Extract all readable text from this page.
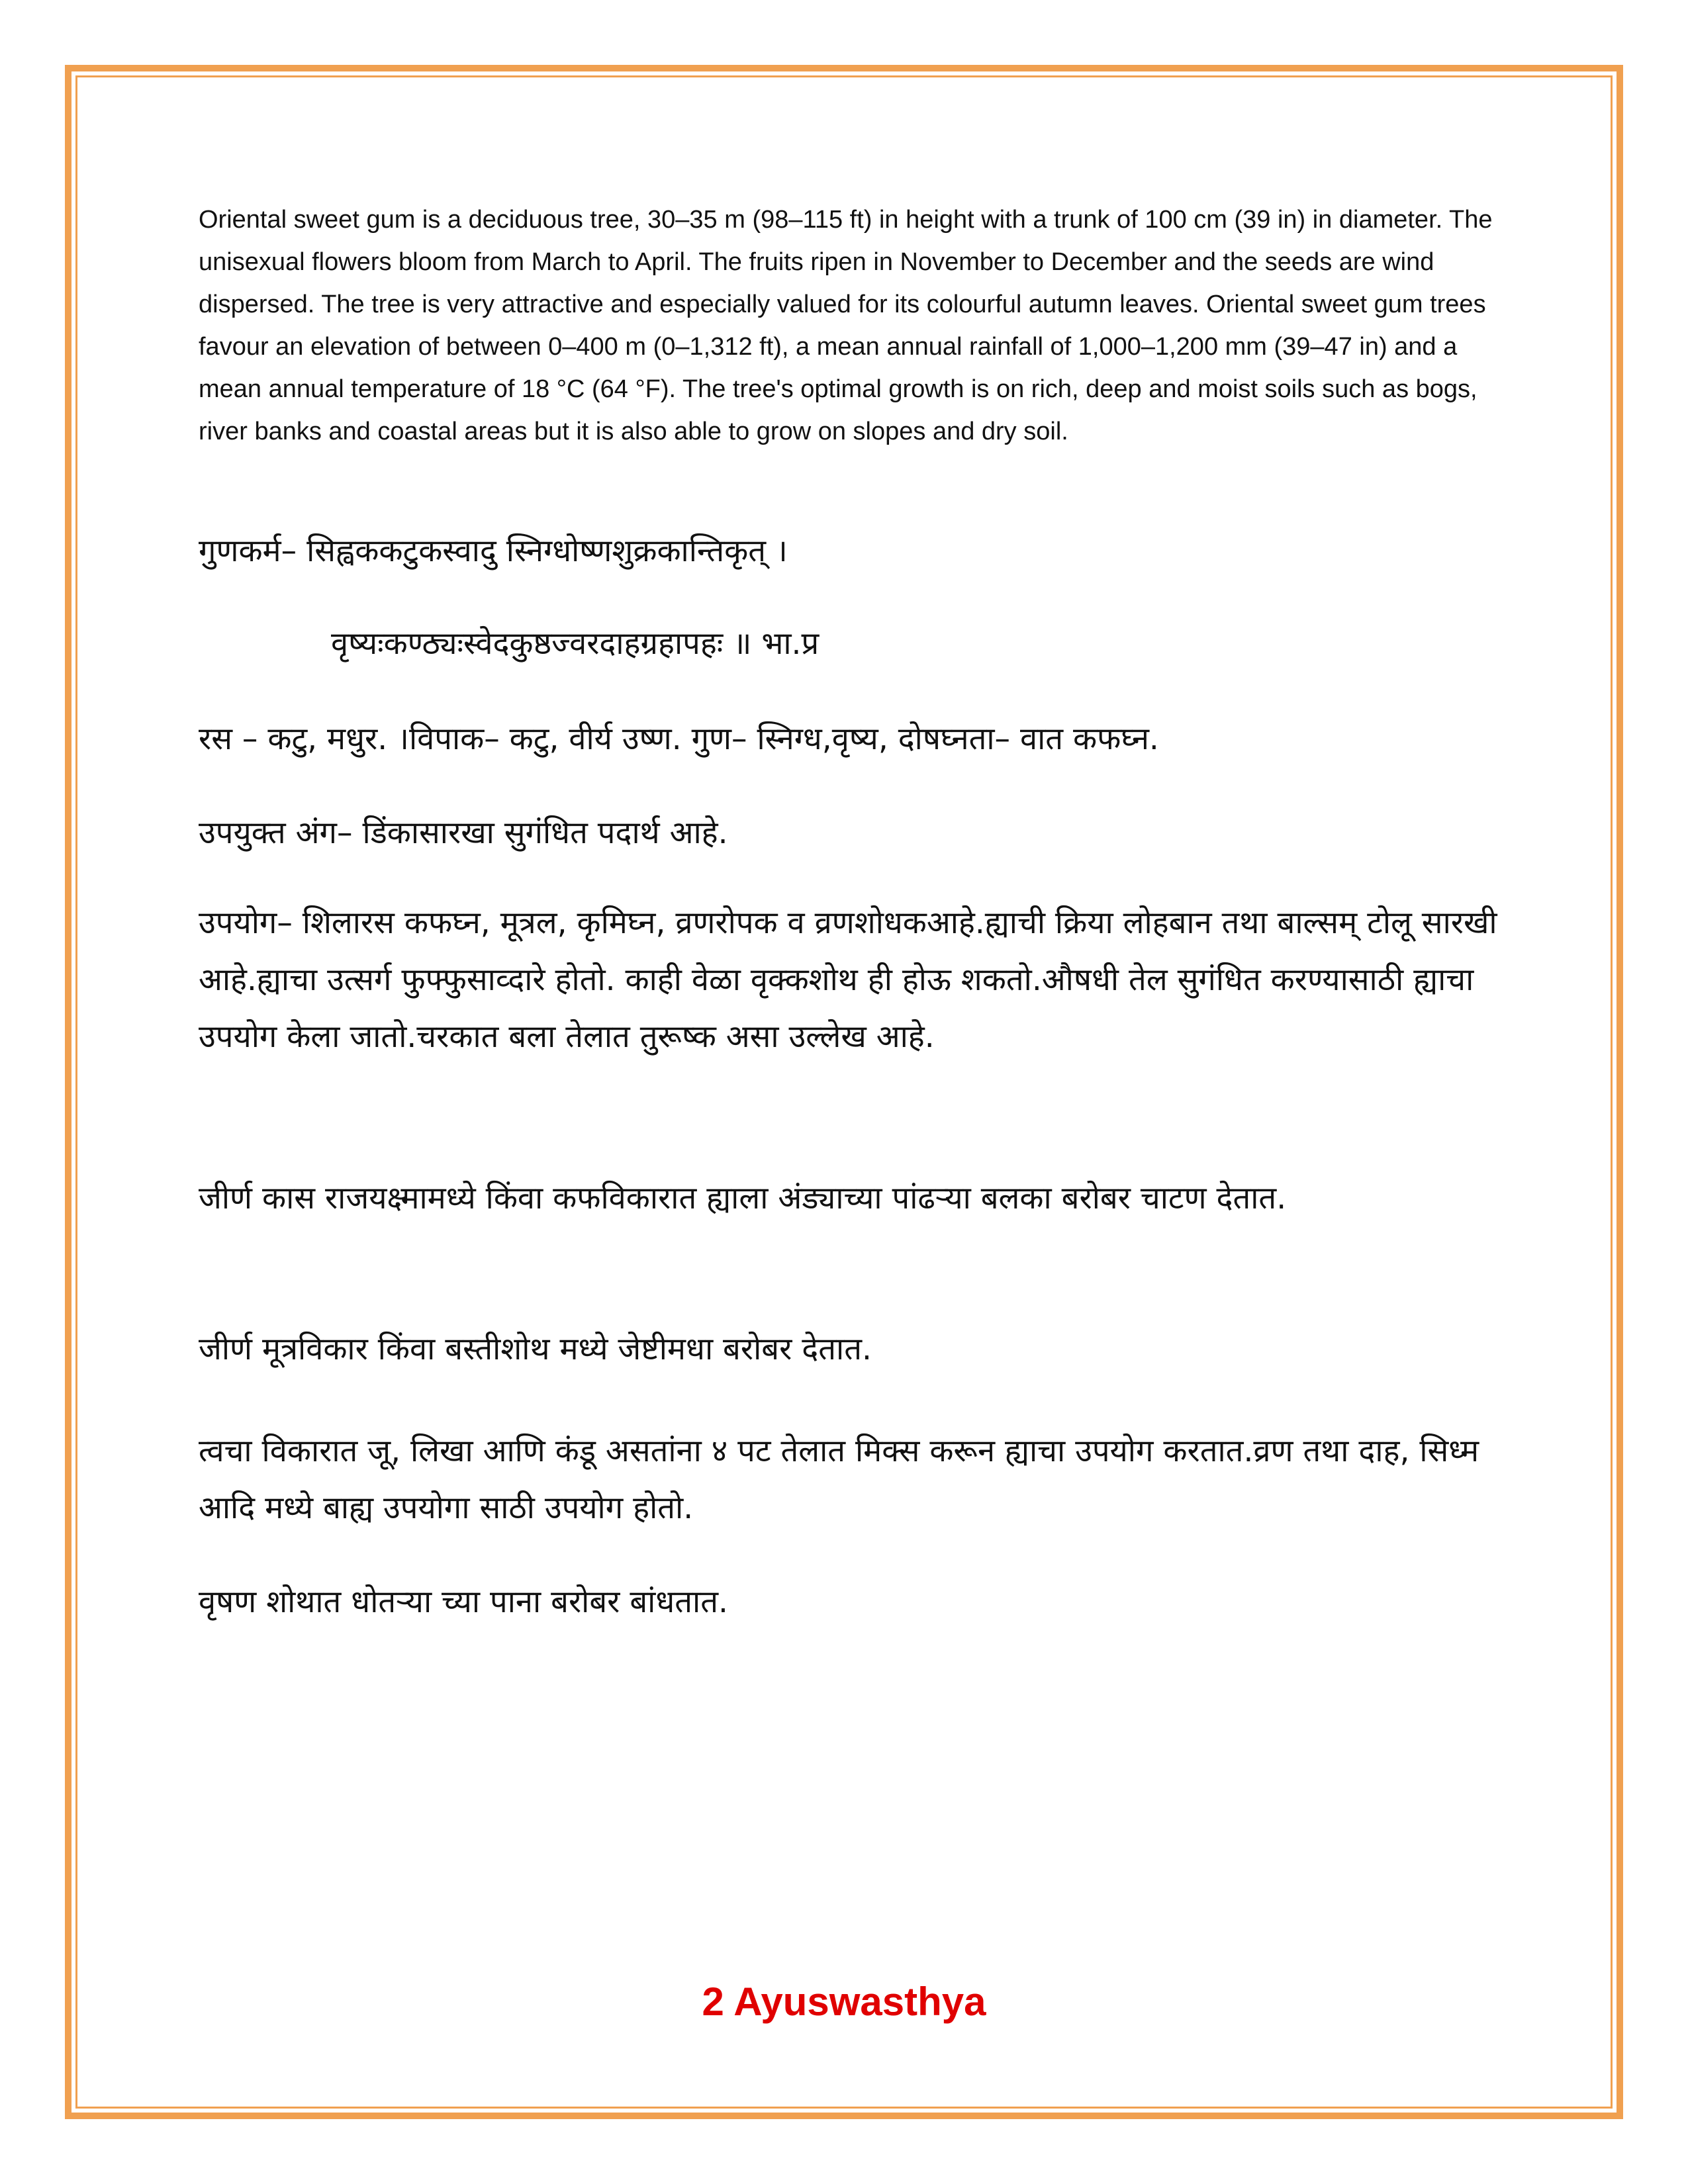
Oriental sweet gum is a deciduous tree, 30–35 m (98–115 ft) in height with a trunk of 100 cm (39 in) in diameter. The unisexual flowers bloom from March to April. The fruits ripen in November to December and the seeds are wind dispersed. The tree is very attractive and especially valued for its colourful autumn leaves. Oriental sweet gum trees favour an elevation of between 0–400 m (0–1,312 ft), a mean annual rainfall of 1,000–1,200 mm (39–47 in) and a mean annual temperature of 18 °C (64 °F). The tree's optimal growth is on rich, deep and moist soils such as bogs, river banks and coastal areas but it is also able to grow on slopes and dry soil.

गुणकर्म– सिह्वककटुकस्वादु स्निग्धोष्णशुक्रकान्तिकृत् ।

वृष्यःकण्ठ्यःस्वेदकुष्ठज्वरदाहग्रहापहः ॥ भा.प्र

रस – कटु, मधुर. ।विपाक– कटु, वीर्य उष्ण. गुण– स्निग्ध,वृष्य, दोषघ्नता– वात कफघ्न.

उपयुक्त अंग– डिंकासारखा सुगंधित पदार्थ आहे.

उपयोग– शिलारस कफघ्न, मूत्रल, कृमिघ्न, व्रणरोपक व व्रणशोधकआहे.ह्याची क्रिया लोहबान तथा बाल्सम् टोलू सारखी आहे.ह्याचा उत्सर्ग फुफ्फुसाव्दारे होतो. काही वेळा वृक्कशोथ ही होऊ शकतो.औषधी तेल सुगंधित करण्यासाठी ह्याचा उपयोग केला जातो.चरकात बला तेलात तुरूष्क असा उल्लेख आहे.

जीर्ण कास राजयक्ष्मामध्ये किंवा कफविकारात ह्याला अंड्याच्या पांढऱ्या बलका बरोबर चाटण देतात.

जीर्ण मूत्रविकार किंवा बस्तीशोथ मध्ये जेष्टीमधा बरोबर देतात.

त्वचा विकारात जू, लिखा आणि कंडू असतांना ४ पट तेलात मिक्स करून ह्याचा उपयोग करतात.व्रण तथा दाह, सिध्म आदि मध्ये बाह्य उपयोगा साठी उपयोग होतो.

वृषण शोथात धोतऱ्या च्या पाना बरोबर बांधतात.

2 Ayuswasthya
